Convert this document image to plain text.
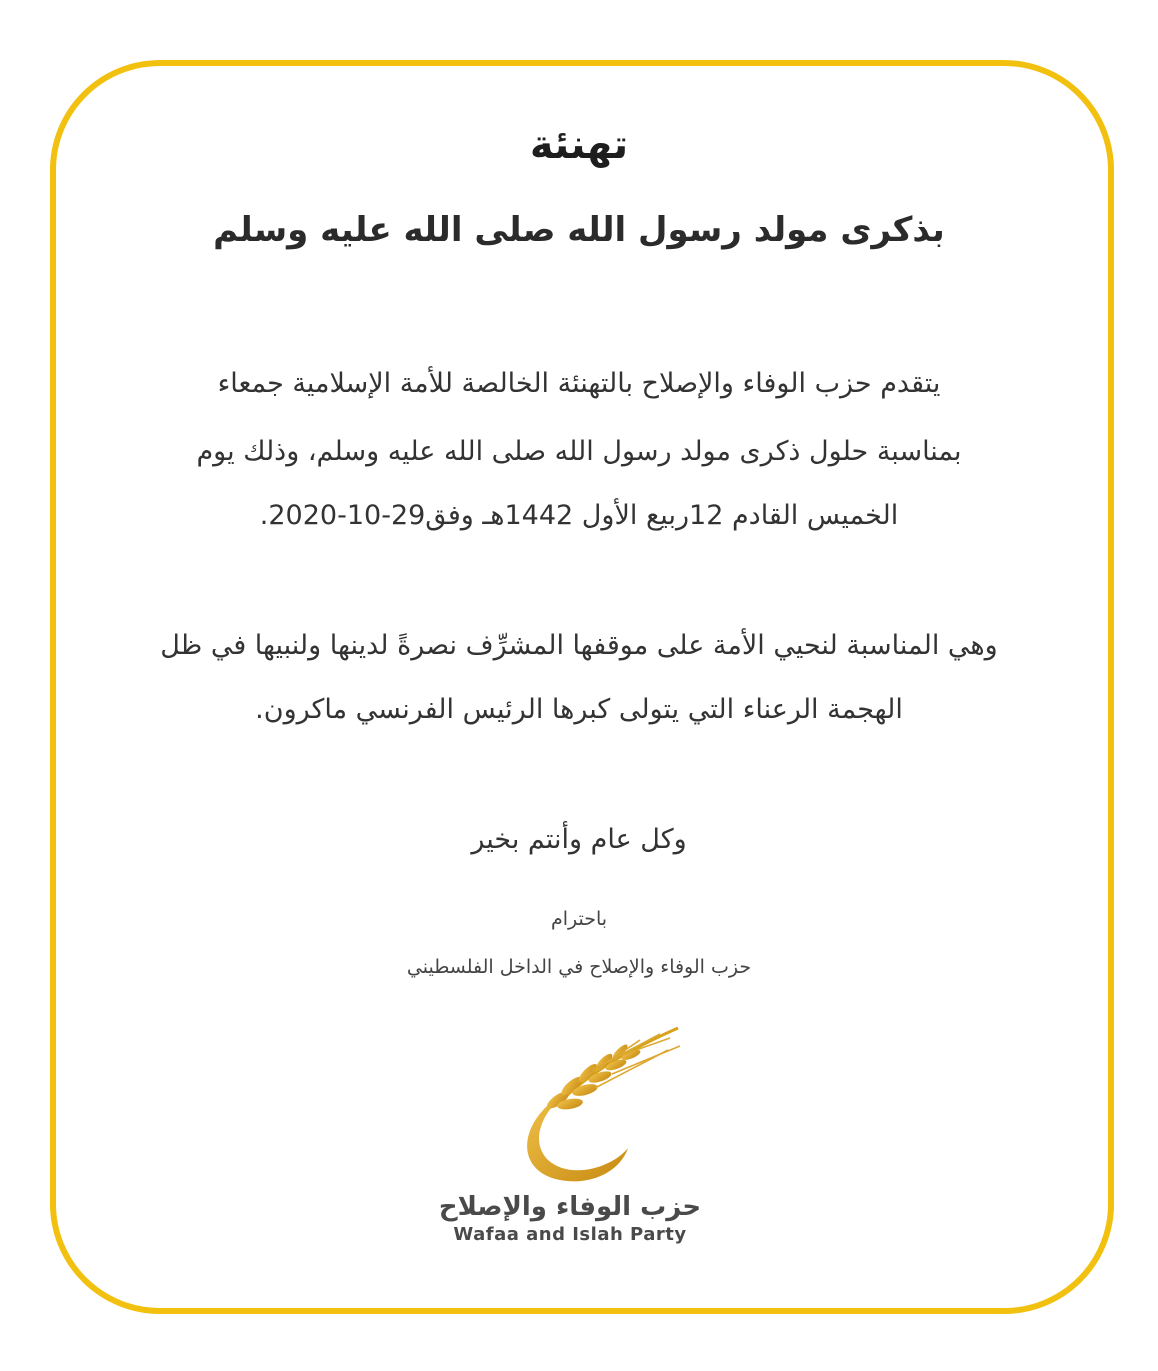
تهنئة
بذكرى مولد رسول الله صلى الله عليه وسلم
يتقدم حزب الوفاء والإصلاح بالتهنئة الخالصة للأمة الإسلامية جمعاء
بمناسبة حلول ذكرى مولد رسول الله صلى الله عليه وسلم، وذلك يوم
الخميس القادم 12ربيع الأول 1442هـ وفق29-10-2020.
وهي المناسبة لنحيي الأمة على موقفها المشرِّف نصرةً لدينها ولنبيها في ظل
الهجمة الرعناء التي يتولى كبرها الرئيس الفرنسي ماكرون.
وكل عام وأنتم بخير
باحترام
حزب الوفاء والإصلاح في الداخل الفلسطيني
حزب الوفاء والإصلاح
Wafaa and Islah Party
